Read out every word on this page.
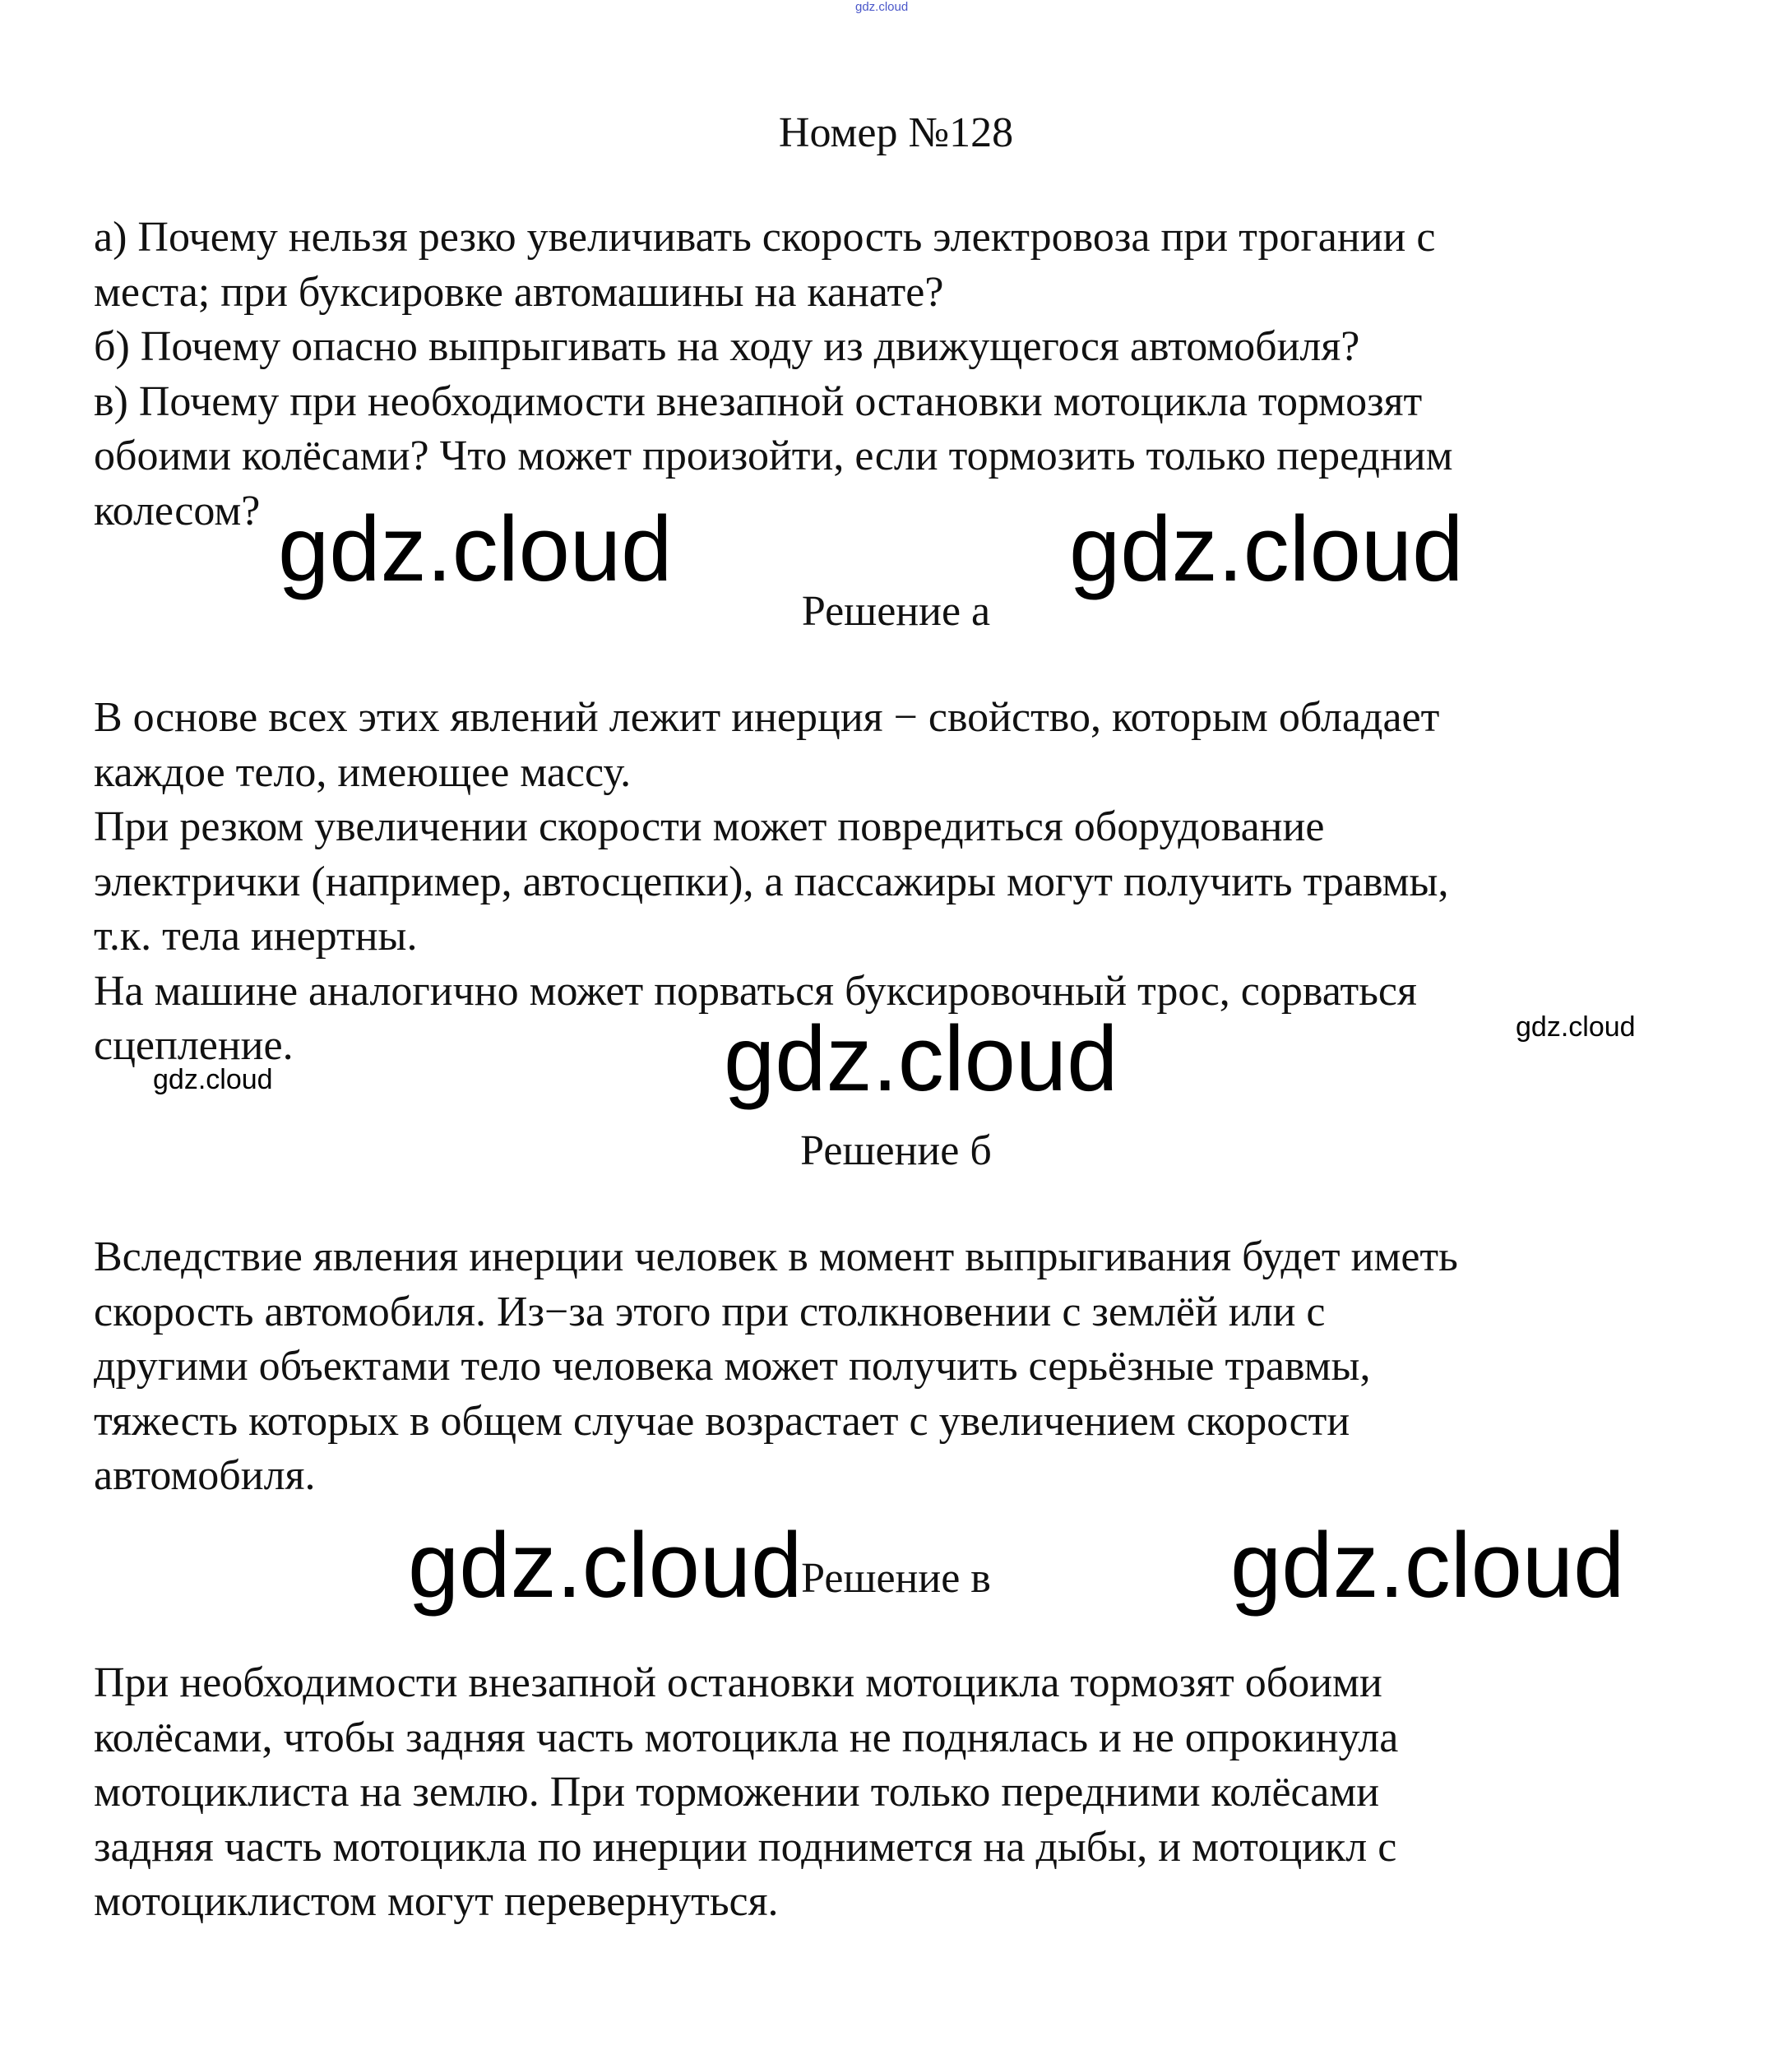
gdz.cloud
Номер №128
а) Почему нельзя резко увеличивать скорость электровоза при трогании с
места; при буксировке автомашины на канате?
б) Почему опасно выпрыгивать на ходу из движущегося автомобиля?
в) Почему при необходимости внезапной остановки мотоцикла тормозят
обоими колёсами? Что может произойти, если тормозить только передним
колесом?
Решение а
В основе всех этих явлений лежит инерция − свойство, которым обладает
каждое тело, имеющее массу.
При резком увеличении скорости может повредиться оборудование
электрички (например, автосцепки), а пассажиры могут получить травмы,
т.к. тела инертны.
На машине аналогично может порваться буксировочный трос, сорваться
сцепление.
Решение б
Вследствие явления инерции человек в момент выпрыгивания будет иметь
скорость автомобиля. Из−за этого при столкновении с землёй или с
другими объектами тело человека может получить серьёзные травмы,
тяжесть которых в общем случае возрастает с увеличением скорости
автомобиля.
Решение в
При необходимости внезапной остановки мотоцикла тормозят обоими
колёсами, чтобы задняя часть мотоцикла не поднялась и не опрокинула
мотоциклиста на землю. При торможении только передними колёсами
задняя часть мотоцикла по инерции поднимется на дыбы, и мотоцикл с
мотоциклистом могут перевернуться.
gdz.cloud	gdz.cloud
gdz.cloud	gdz.cloud
gdz.cloud
gdz.cloud	gdz.cloud
